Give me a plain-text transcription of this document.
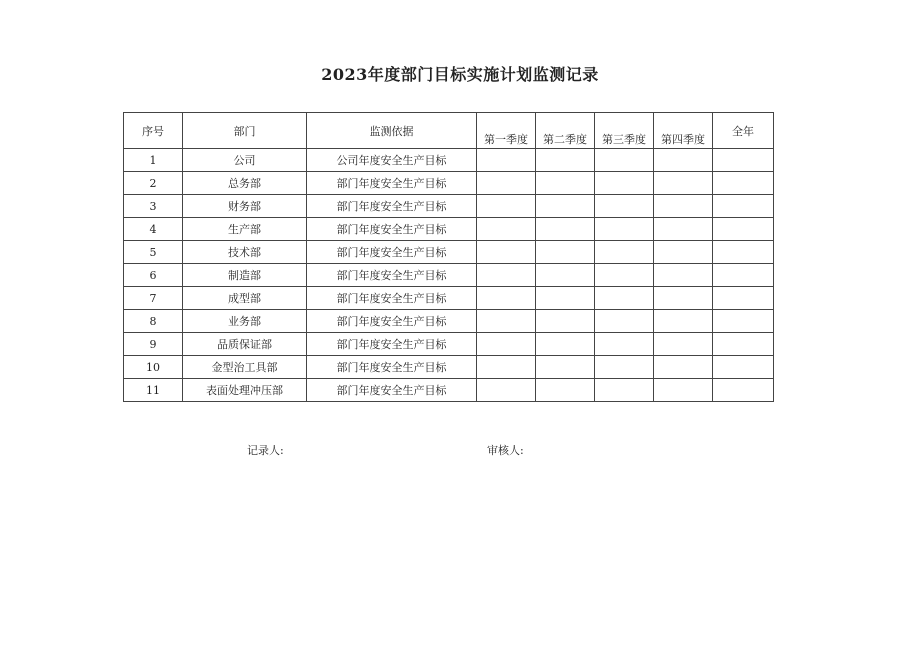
2023年度部门目标实施计划监测记录
序号	部门	监测依据	第一季度	第二季度	第三季度	第四季度	全年
1	公司	公司年度安全生产目标					
2	总务部	部门年度安全生产目标					
3	财务部	部门年度安全生产目标					
4	生产部	部门年度安全生产目标					
5	技术部	部门年度安全生产目标					
6	制造部	部门年度安全生产目标					
7	成型部	部门年度安全生产目标					
8	业务部	部门年度安全生产目标					
9	品质保证部	部门年度安全生产目标					
10	金型治工具部	部门年度安全生产目标					
11	表面处理冲压部	部门年度安全生产目标					
记录人:	审核人:
